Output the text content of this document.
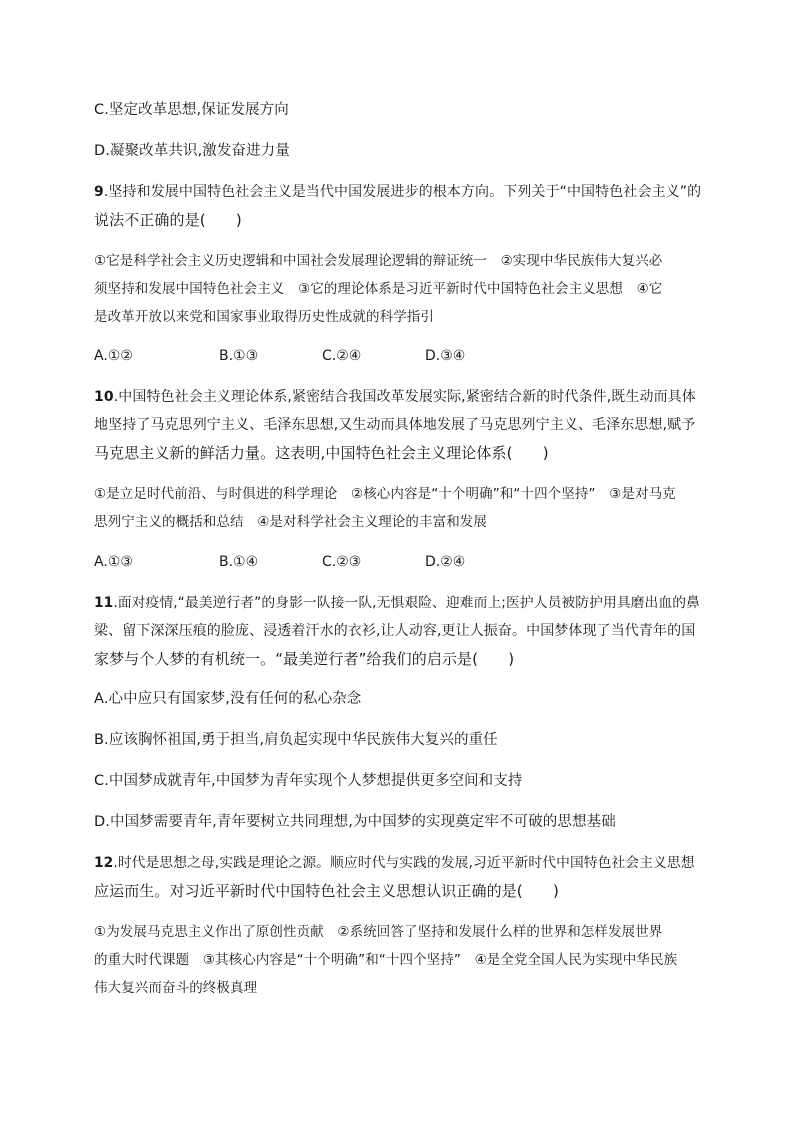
C.坚定改革思想,保证发展方向
D.凝聚改革共识,激发奋进力量
9.坚持和发展中国特色社会主义是当代中国发展进步的根本方向。下列关于“中国特色社会主义”的
说法不正确的是(　　)
①它是科学社会主义历史逻辑和中国社会发展理论逻辑的辩证统一　②实现中华民族伟大复兴必
须坚持和发展中国特色社会主义　③它的理论体系是习近平新时代中国特色社会主义思想　④它
是改革开放以来党和国家事业取得历史性成就的科学指引
A.①②	B.①③	C.②④	D.③④
10.中国特色社会主义理论体系,紧密结合我国改革发展实际,紧密结合新的时代条件,既生动而具体
地坚持了马克思列宁主义、毛泽东思想,又生动而具体地发展了马克思列宁主义、毛泽东思想,赋予
马克思主义新的鲜活力量。这表明,中国特色社会主义理论体系(　　)
①是立足时代前沿、与时俱进的科学理论　②核心内容是“十个明确”和“十四个坚持”　③是对马克
思列宁主义的概括和总结　④是对科学社会主义理论的丰富和发展
A.①③	B.①④	C.②③	D.②④
11.面对疫情,“最美逆行者”的身影一队接一队,无惧艰险、迎难而上;医护人员被防护用具磨出血的鼻
梁、留下深深压痕的脸庞、浸透着汗水的衣衫,让人动容,更让人振奋。中国梦体现了当代青年的国
家梦与个人梦的有机统一。“最美逆行者”给我们的启示是(　　)
A.心中应只有国家梦,没有任何的私心杂念
B.应该胸怀祖国,勇于担当,肩负起实现中华民族伟大复兴的重任
C.中国梦成就青年,中国梦为青年实现个人梦想提供更多空间和支持
D.中国梦需要青年,青年要树立共同理想,为中国梦的实现奠定牢不可破的思想基础
12.时代是思想之母,实践是理论之源。顺应时代与实践的发展,习近平新时代中国特色社会主义思想
应运而生。对习近平新时代中国特色社会主义思想认识正确的是(　　)
①为发展马克思主义作出了原创性贡献　②系统回答了坚持和发展什么样的世界和怎样发展世界
的重大时代课题　③其核心内容是“十个明确”和“十四个坚持”　④是全党全国人民为实现中华民族
伟大复兴而奋斗的终极真理
